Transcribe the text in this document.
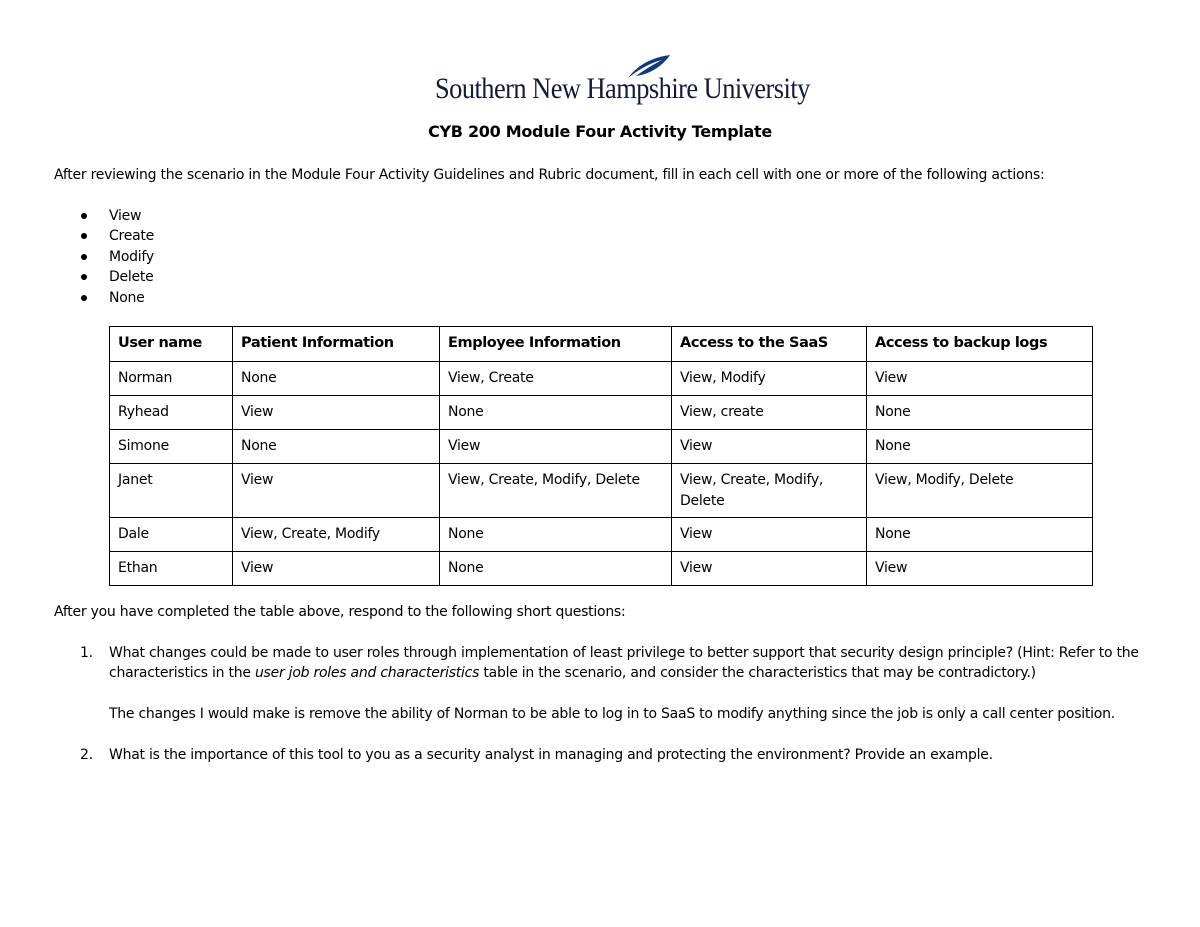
Southern New Hampshire University
CYB 200 Module Four Activity Template
After reviewing the scenario in the Module Four Activity Guidelines and Rubric document, fill in each cell with one or more of the following actions:
View
Create
Modify
Delete
None
User name	Patient Information	Employee Information	Access to the SaaS	Access to backup logs
Norman	None	View, Create	View, Modify	View
Ryhead	View	None	View, create	None
Simone	None	View	View	None
Janet	View	View, Create, Modify, Delete	View, Create, Modify, Delete	View, Modify, Delete
Dale	View, Create, Modify	None	View	None
Ethan	View	None	View	View
After you have completed the table above, respond to the following short questions:
1. What changes could be made to user roles through implementation of least privilege to better support that security design principle? (Hint: Refer to the
characteristics in the user job roles and characteristics table in the scenario, and consider the characteristics that may be contradictory.)
The changes I would make is remove the ability of Norman to be able to log in to SaaS to modify anything since the job is only a call center position.
2. What is the importance of this tool to you as a security analyst in managing and protecting the environment? Provide an example.
